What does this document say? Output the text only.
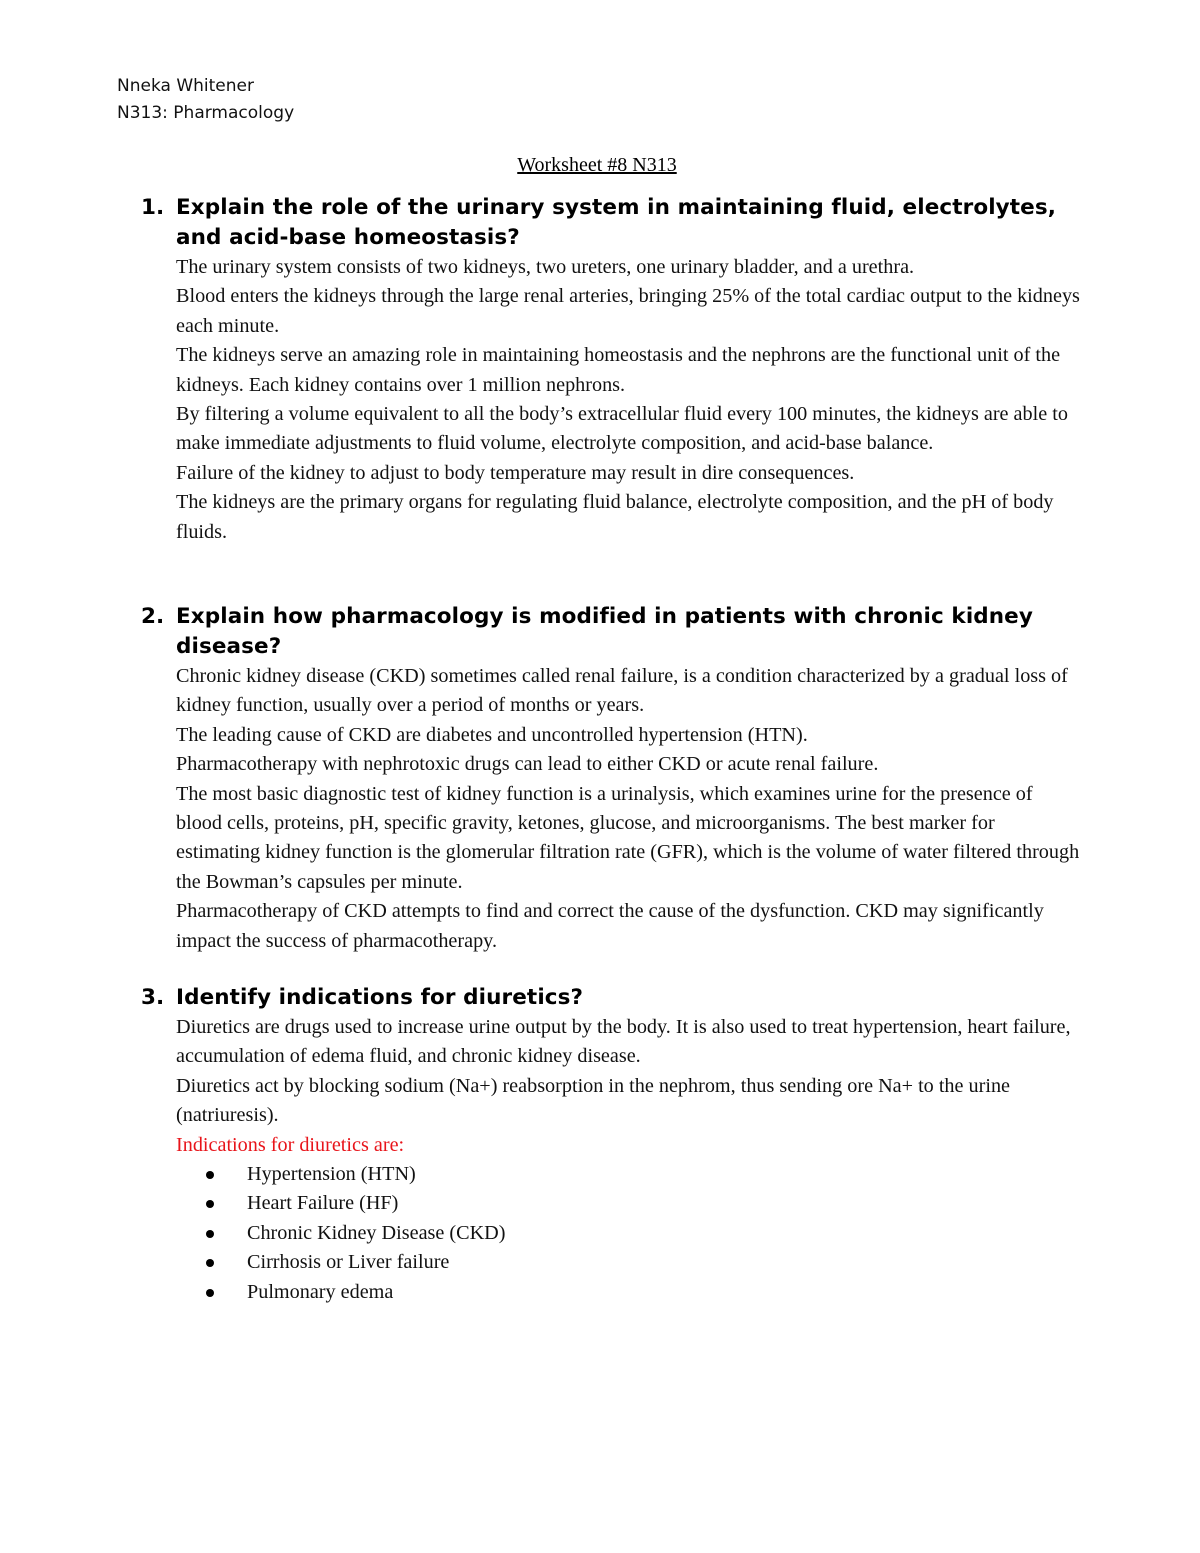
Nneka Whitener
N313: Pharmacology
Worksheet #8 N313
1. Explain the role of the urinary system in maintaining fluid, electrolytes, and acid-base homeostasis?

The urinary system consists of two kidneys, two ureters, one urinary bladder, and a urethra.

Blood enters the kidneys through the large renal arteries, bringing 25% of the total cardiac output to the kidneys each minute.

The kidneys serve an amazing role in maintaining homeostasis and the nephrons are the functional unit of the kidneys. Each kidney contains over 1 million nephrons.

By filtering a volume equivalent to all the body’s extracellular fluid every 100 minutes, the kidneys are able to make immediate adjustments to fluid volume, electrolyte composition, and acid-base balance.

Failure of the kidney to adjust to body temperature may result in dire consequences.

The kidneys are the primary organs for regulating fluid balance, electrolyte composition, and the pH of body fluids.

2. Explain how pharmacology is modified in patients with chronic kidney disease?

Chronic kidney disease (CKD) sometimes called renal failure, is a condition characterized by a gradual loss of kidney function, usually over a period of months or years.

The leading cause of CKD are diabetes and uncontrolled hypertension (HTN).

Pharmacotherapy with nephrotoxic drugs can lead to either CKD or acute renal failure.

The most basic diagnostic test of kidney function is a urinalysis, which examines urine for the presence of blood cells, proteins, pH, specific gravity, ketones, glucose, and microorganisms. The best marker for estimating kidney function is the glomerular filtration rate (GFR), which is the volume of water filtered through the Bowman’s capsules per minute.

Pharmacotherapy of CKD attempts to find and correct the cause of the dysfunction. CKD may significantly impact the success of pharmacotherapy.

3. Identify indications for diuretics?

Diuretics are drugs used to increase urine output by the body. It is also used to treat hypertension, heart failure, accumulation of edema fluid, and chronic kidney disease.

Diuretics act by blocking sodium (Na+) reabsorption in the nephrom, thus sending ore Na+ to the urine (natriuresis).

Indications for diuretics are:

Hypertension (HTN)
Heart Failure (HF)
Chronic Kidney Disease (CKD)
Cirrhosis or Liver failure
Pulmonary edema
